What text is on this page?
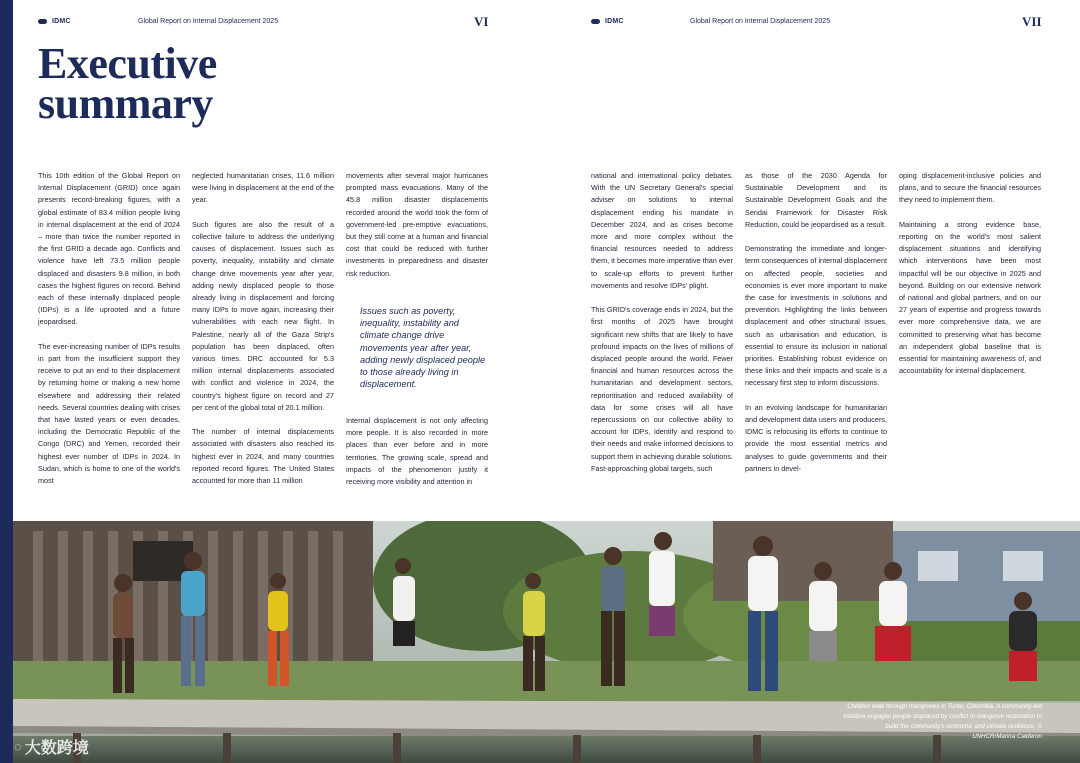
IDMC	Global Report on Internal Displacement 2025	VI	IDMC	Global Report on Internal Displacement 2025	VII
Executive
summary

This 10th edition of the Global Report on Internal Displacement (GRID) once again presents record-breaking figures, with a global estimate of 83.4 million people living in internal displacement at the end of 2024 – more than twice the number reported in the first GRID a decade ago. Conflicts and violence have left 73.5 million people displaced and disasters 9.8 million, in both cases the highest figures on record. Behind each of these internally displaced people (IDPs) is a life uprooted and a future jeopardised.

The ever-increasing number of IDPs results in part from the insufficient support they receive to put an end to their displacement by returning home or making a new home elsewhere and addressing their related needs. Several countries dealing with crises that have lasted years or even decades, including the Democratic Republic of the Congo (DRC) and Yemen, recorded their highest ever number of IDPs in 2024. In Sudan, which is home to one of the world's most

neglected humanitarian crises, 11.6 million were living in displacement at the end of the year.

Such figures are also the result of a collective failure to address the underlying causes of displacement. Issues such as poverty, inequality, instability and climate change drive movements year after year, adding newly displaced people to those already living in displacement and forcing many IDPs to move again, increasing their vulnerabilities with each new flight. In Palestine, nearly all of the Gaza Strip's population has been displaced, often various times. DRC accounted for 5.3 million internal displacements associated with conflict and violence in 2024, the country's highest figure on record and 27 per cent of the global total of 20.1 million.

The number of internal displacements associated with disasters also reached its highest ever in 2024, and many countries reported record figures. The United States accounted for more than 11 million

movements after several major hurricanes prompted mass evacuations. Many of the 45.8 million disaster displacements recorded around the world took the form of government-led pre-emptive evacuations, but they still come at a human and financial cost that could be reduced with further investments in preparedness and disaster risk reduction.

Issues such as poverty, inequality, instability and climate change drive movements year after year, adding newly displaced people to those already living in displacement.

Internal displacement is not only affecting more people. It is also recorded in more places than ever before and in more territories. The growing scale, spread and impacts of the phenomenon justify it receiving more visibility and attention in

national and international policy debates. With the UN Secretary General's special adviser on solutions to internal displacement ending his mandate in December 2024, and as crises become more and more complex without the financial resources needed to address them, it becomes more imperative than ever to scale-up efforts to prevent further movements and resolve IDPs' plight.

This GRID's coverage ends in 2024, but the first months of 2025 have brought significant new shifts that are likely to have profound impacts on the lives of millions of displaced people around the world. Fewer financial and human resources across the humanitarian and development sectors, reprioritisation and reduced availability of data for some crises will all have repercussions on our collective ability to account for IDPs, identify and respond to their needs and make informed decisions to support them in achieving durable solutions. Fast-approaching global targets, such

as those of the 2030 Agenda for Sustainable Development and its Sustainable Development Goals and the Sendai Framework for Disaster Risk Reduction, could be jeopardised as a result.

Demonstrating the immediate and longer-term consequences of internal displacement on affected people, societies and economies is ever more important to make the case for investments in solutions and prevention. Highlighting the links between displacement and other structural issues, such as urbanisation and education, is essential to ensure its inclusion in national priorities. Establishing robust evidence on these links and their impacts and scale is a necessary first step to inform discussions.

In an evolving landscape for humanitarian and development data users and producers, IDMC is refocusing its efforts to continue to provide the most essential metrics and analyses to guide governments and their partners in devel-

oping displacement-inclusive policies and plans, and to secure the financial resources they need to implement them.

Maintaining a strong evidence base, reporting on the world's most salient displacement situations and identifying which interventions have been most impactful will be our objective in 2025 and beyond. Building on our extensive network of national and global partners, and on our 27 years of expertise and progress towards ever more comprehensive data, we are committed to preserving what has become an independent global baseline that is essential for maintaining awareness of, and accountability for internal displacement.

Children walk through mangroves in Turbo, Colombia. A community-led initiative engages people displaced by conflict in mangrove restoration to build the community's economic and climate resilience. © UNHCR/Marina Calderon
◌ 大数跨境
